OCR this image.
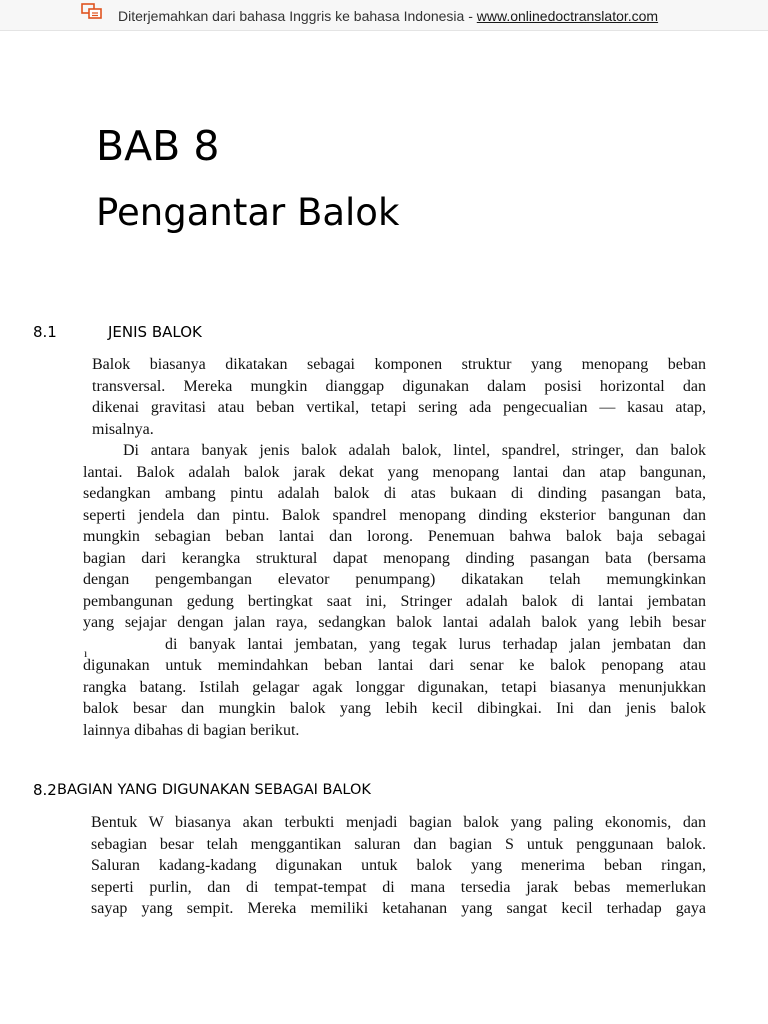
Diterjemahkan dari bahasa Inggris ke bahasa Indonesia - www.onlinedoctranslator.com
BAB 8
Pengantar Balok
8.1	JENIS BALOK
Balok biasanya dikatakan sebagai komponen struktur yang menopang beban
transversal. Mereka mungkin dianggap digunakan dalam posisi horizontal dan
dikenai gravitasi atau beban vertikal, tetapi sering ada pengecualian — kasau atap,
misalnya.
Di antara banyak jenis balok adalah balok, lintel, spandrel, stringer, dan balok
lantai. Balok adalah balok jarak dekat yang menopang lantai dan atap bangunan,
sedangkan ambang pintu adalah balok di atas bukaan di dinding pasangan bata,
seperti jendela dan pintu. Balok spandrel menopang dinding eksterior bangunan dan
mungkin sebagian beban lantai dan lorong. Penemuan bahwa balok baja sebagai
bagian dari kerangka struktural dapat menopang dinding pasangan bata (bersama
dengan pengembangan elevator penumpang) dikatakan telah memungkinkan
pembangunan gedung bertingkat saat ini, Stringer adalah balok di lantai jembatan
yang sejajar dengan jalan raya, sedangkan balok lantai adalah balok yang lebih besar
di banyak lantai jembatan, yang tegak lurus terhadap jalan jembatan dan
digunakan untuk memindahkan beban lantai dari senar ke balok penopang atau
rangka batang. Istilah gelagar agak longgar digunakan, tetapi biasanya menunjukkan
balok besar dan mungkin balok yang lebih kecil dibingkai. Ini dan jenis balok
lainnya dibahas di bagian berikut.
ı
8.2 BAGIAN YANG DIGUNAKAN SEBAGAI BALOK
Bentuk W biasanya akan terbukti menjadi bagian balok yang paling ekonomis, dan
sebagian besar telah menggantikan saluran dan bagian S untuk penggunaan balok.
Saluran kadang-kadang digunakan untuk balok yang menerima beban ringan,
seperti purlin, dan di tempat-tempat di mana tersedia jarak bebas memerlukan
sayap yang sempit. Mereka memiliki ketahanan yang sangat kecil terhadap gaya
